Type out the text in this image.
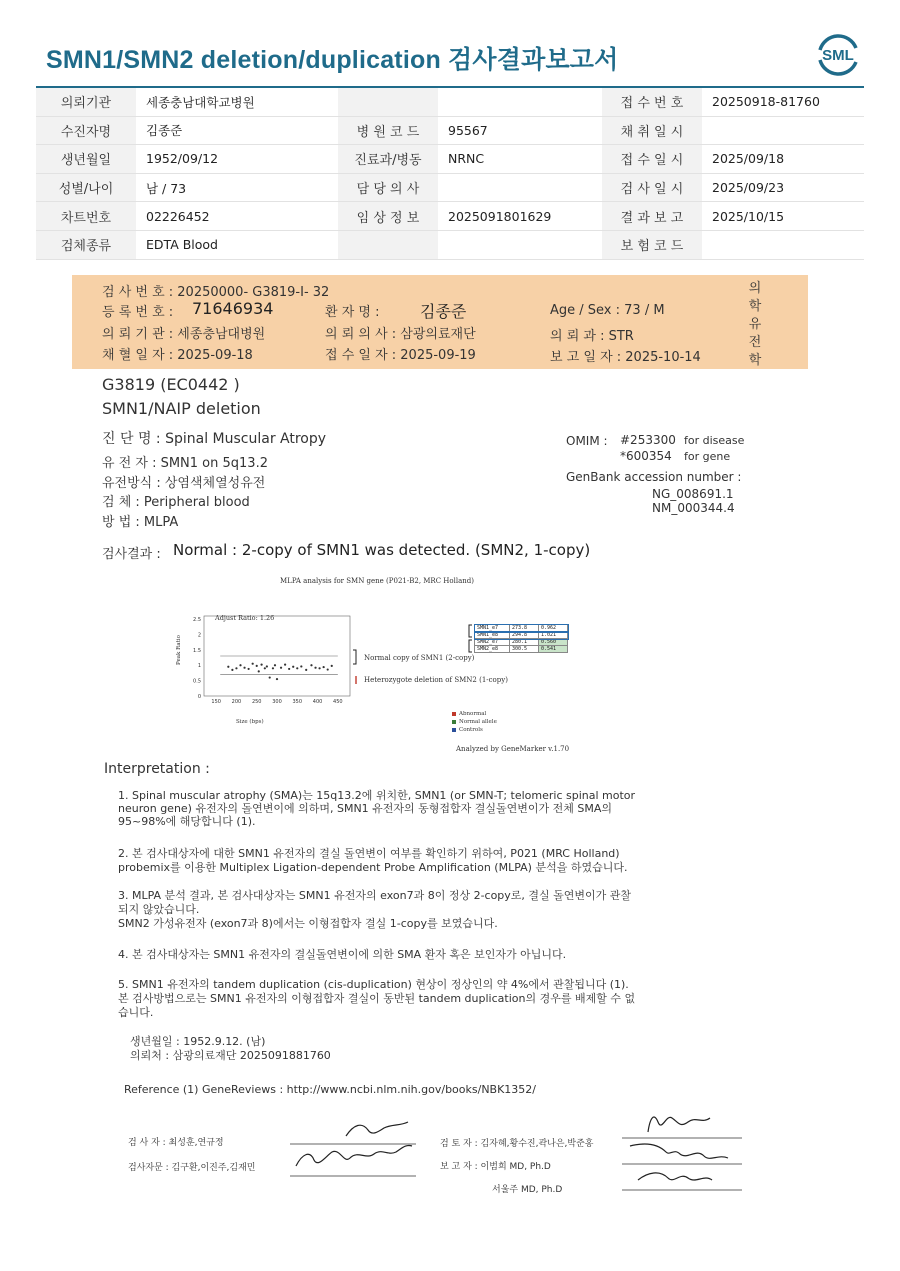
SMN1/SMN2 deletion/duplication 검사결과보고서	SML
의뢰기관	세종충남대학교병원			접 수 번 호	20250918-81760
수진자명	김종준	병 원 코 드	95567	채 취 일 시	
생년월일	1952/09/12	진료과/병동	NRNC	접 수 일 시	2025/09/18
성별/나이	남 / 73	담 당 의 사		검 사 일 시	2025/09/23
차트번호	02226452	임 상 정 보	2025091801629	결 과 보 고	2025/10/15
검체종류	EDTA Blood			보 험 코 드	
검 사 번 호 : 20250000- G3819-I- 32
등 록 번 호 : 71646934	환 자 명 :	김종준	Age / Sex : 73 / M
의 뢰 기 관 : 세종충남대병원	의 뢰 의 사 : 삼광의료재단	의 뢰 과 : STR
채 혈 일 자 : 2025-09-18	접 수 일 자 : 2025-09-19	보 고 일 자 : 2025-10-14
의학유전학
G3819 (EC0442 )
SMN1/NAIP deletion
진 단 명 : Spinal Muscular Atropy
유 전 자 : SMN1 on 5q13.2
유전방식 : 상염색체열성유전
검 체 : Peripheral blood
방 법 : MLPA
OMIM : #253300 for disease
*600354 for gene
GenBank accession number :
NG_008691.1
NM_000344.4
검사결과 : Normal : 2-copy of SMN1 was detected. (SMN2, 1-copy)
MLPA analysis for SMN gene (P021-B2, MRC Holland)
2.5
2
1.5
1
0.5
0
150 200 250 300 350 400 450
Adjust Ratio: 1.26
Size (bps)
Peak Ratio	Normal copy of SMN1 (2-copy)
Heterozygote deletion of SMN2 (1-copy)
SMN1_e7	273.8	0.962
SMN1_e8	294.8	1.021
SMN2_e7	280.1	0.560
SMN2_e8	300.5	0.541
Abnormal
Normal allele
Controls
Analyzed by GeneMarker v.1.70
Interpretation :
1. Spinal muscular atrophy (SMA)는 15q13.2에 위치한, SMN1 (or SMN-T; telomeric spinal motor
neuron gene) 유전자의 돌연변이에 의하며, SMN1 유전자의 동형접합자 결실돌연변이가 전체 SMA의
95~98%에 해당합니다 (1).
2. 본 검사대상자에 대한 SMN1 유전자의 결실 돌연변이 여부를 확인하기 위하여, P021 (MRC Holland)
probemix를 이용한 Multiplex Ligation-dependent Probe Amplification (MLPA) 분석을 하였습니다.
3. MLPA 분석 결과, 본 검사대상자는 SMN1 유전자의 exon7과 8이 정상 2-copy로, 결실 돌연변이가 관찰
되지 않았습니다.
SMN2 가성유전자 (exon7과 8)에서는 이형접합자 결실 1-copy를 보였습니다.
4. 본 검사대상자는 SMN1 유전자의 결실돌연변이에 의한 SMA 환자 혹은 보인자가 아닙니다.
5. SMN1 유전자의 tandem duplication (cis-duplication) 현상이 정상인의 약 4%에서 관찰됩니다 (1).
본 검사방법으로는 SMN1 유전자의 이형접합자 결실이 동반된 tandem duplication의 경우를 배제할 수 없
습니다.
생년월일 : 1952.9.12. (남)
의뢰처 : 삼광의료재단 2025091881760
Reference (1) GeneReviews : http://www.ncbi.nlm.nih.gov/books/NBK1352/
검 사 자 : 최성훈,연규정
검사자문 : 김구환,이진주,김재민
검 토 자 : 김자혜,황수진,곽나은,박준홍
보 고 자 : 이범희 MD, Ph.D
서울주 MD, Ph.D
